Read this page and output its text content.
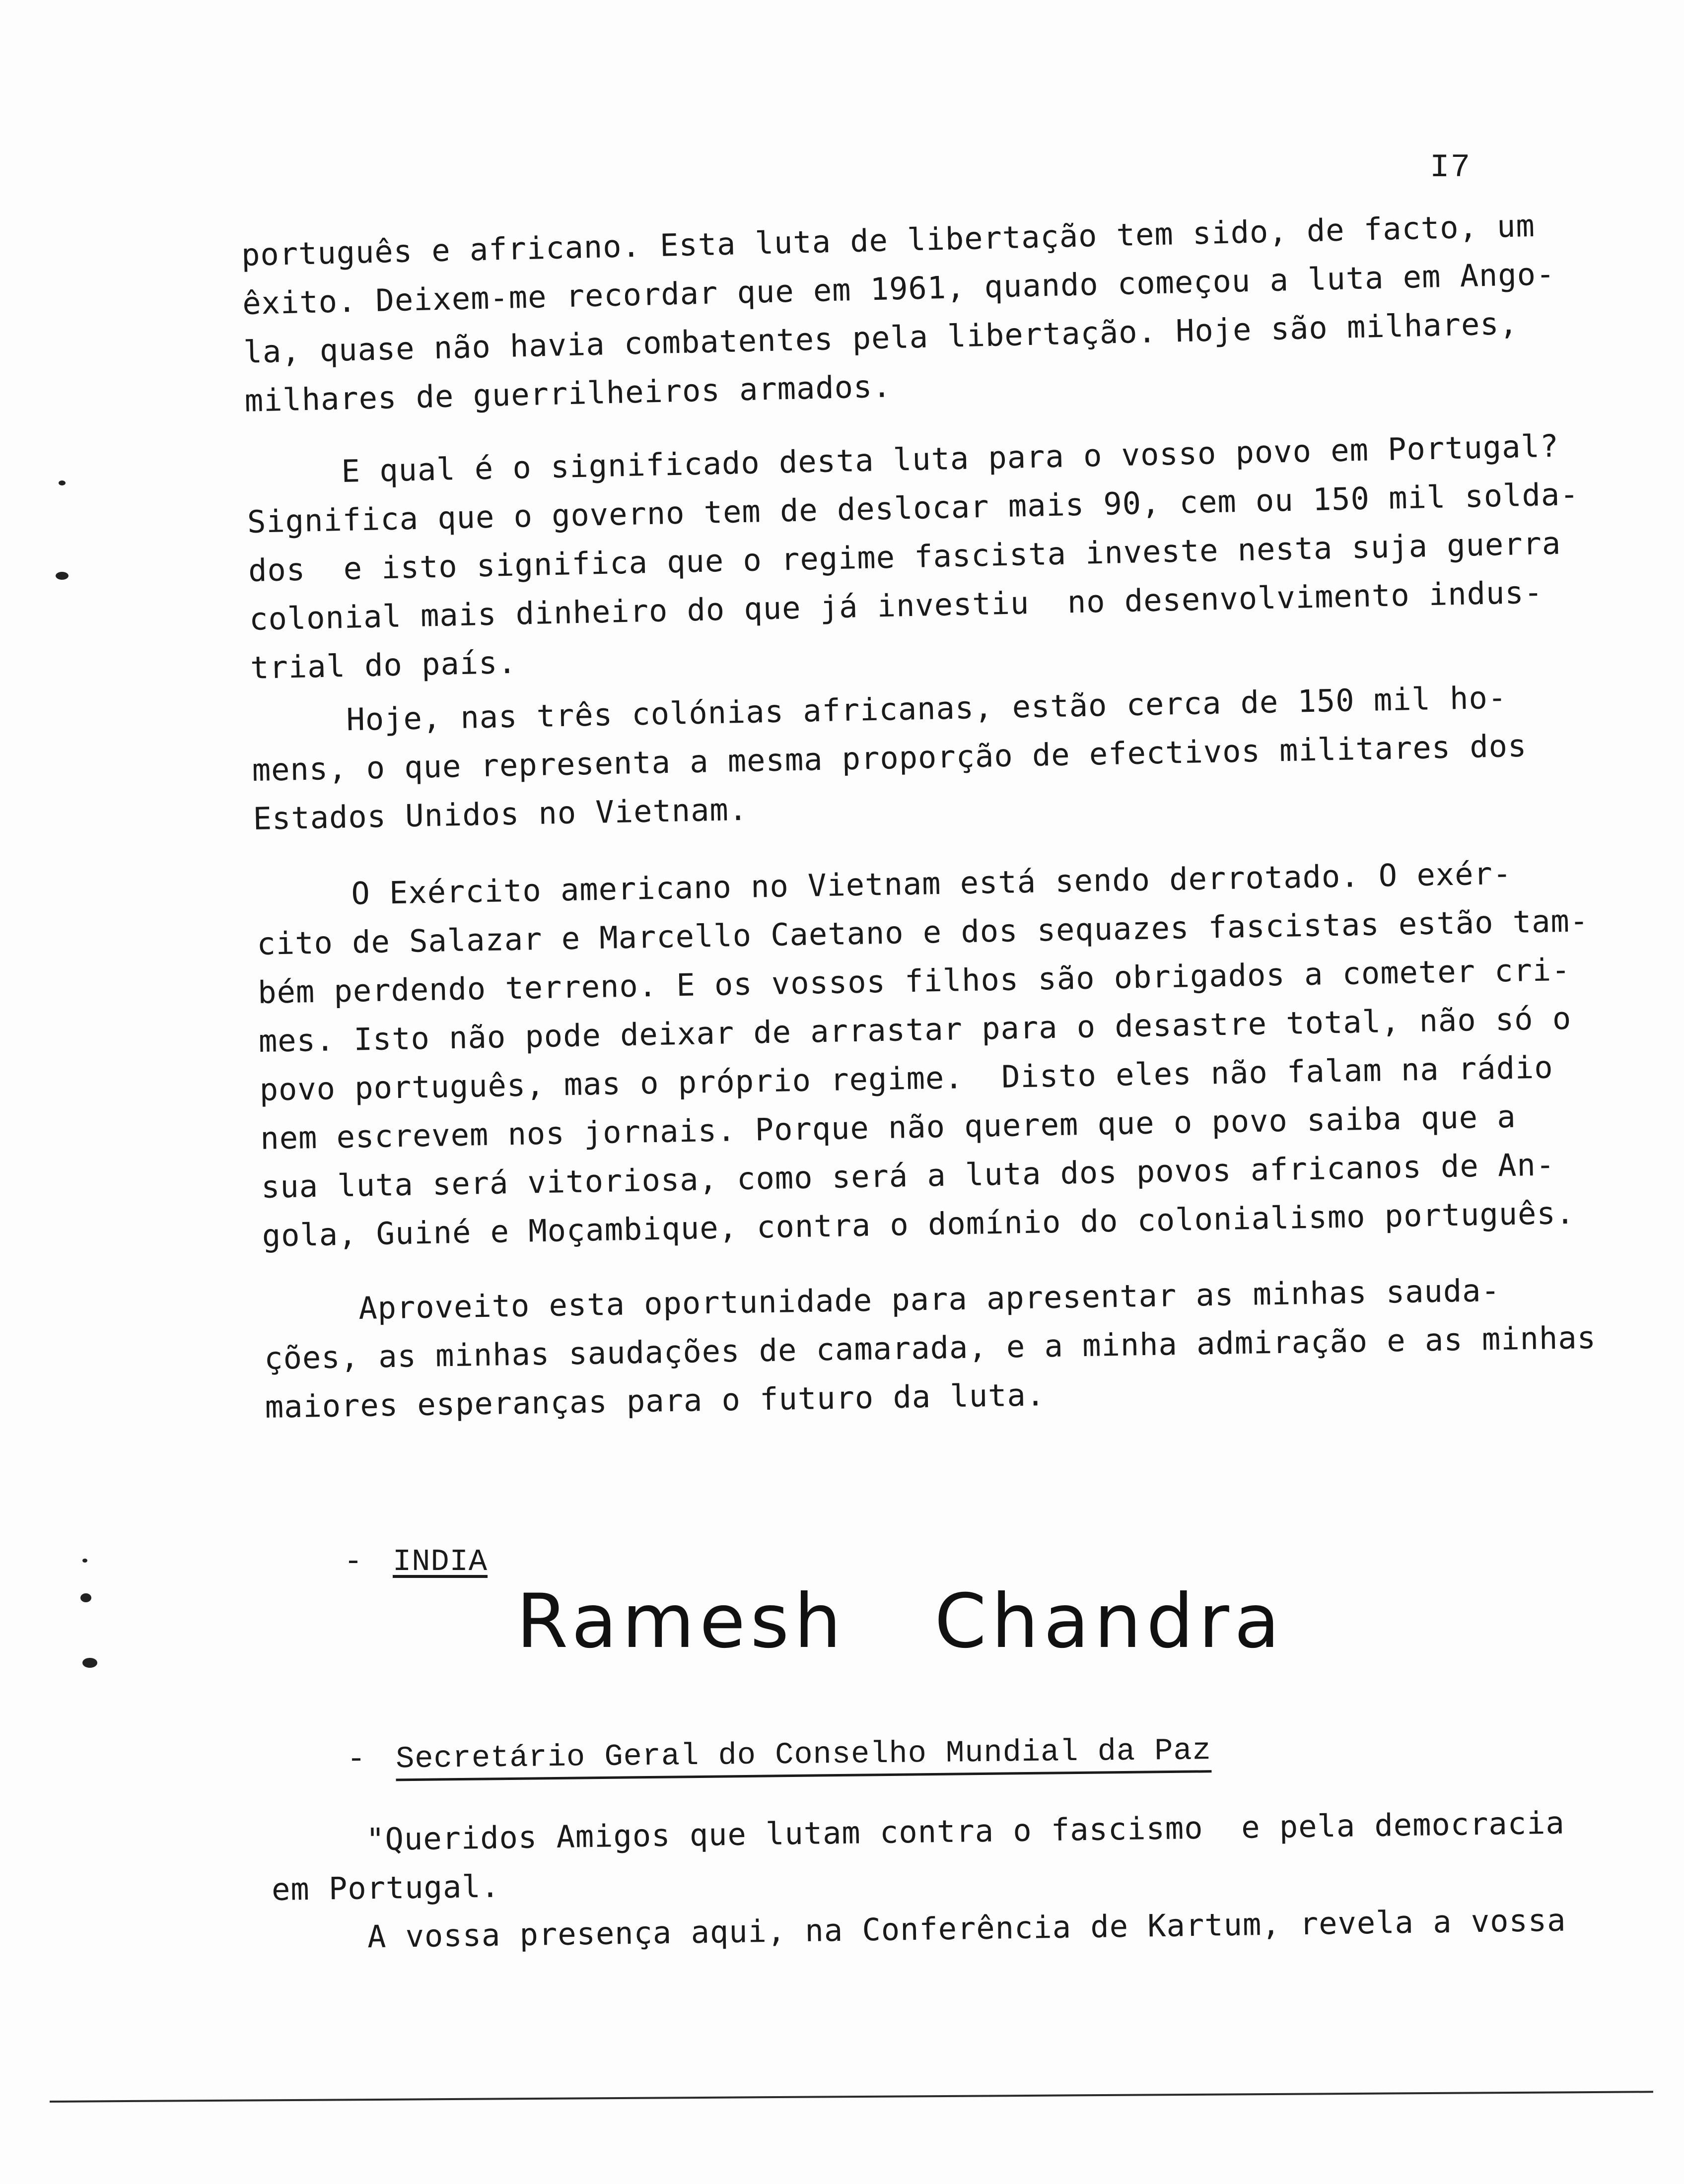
I7
português e africano. Esta luta de libertação tem sido, de facto, um
êxito. Deixem-me recordar que em 1961, quando começou a luta em Ango-
la, quase não havia combatentes pela libertação. Hoje são milhares,
milhares de guerrilheiros armados.
E qual é o significado desta luta para o vosso povo em Portugal?
Significa que o governo tem de deslocar mais 90, cem ou 150 mil solda-
dos  e isto significa que o regime fascista investe nesta suja guerra
colonial mais dinheiro do que já investiu  no desenvolvimento indus-
trial do país.
Hoje, nas três colónias africanas, estão cerca de 150 mil ho-
mens, o que representa a mesma proporção de efectivos militares dos
Estados Unidos no Vietnam.
O Exército americano no Vietnam está sendo derrotado. O exér-
cito de Salazar e Marcello Caetano e dos sequazes fascistas estão tam-
bém perdendo terreno. E os vossos filhos são obrigados a cometer cri-
mes. Isto não pode deixar de arrastar para o desastre total, não só o
povo português, mas o próprio regime.  Disto eles não falam na rádio
nem escrevem nos jornais. Porque não querem que o povo saiba que a
sua luta será vitoriosa, como será a luta dos povos africanos de An-
gola, Guiné e Moçambique, contra o domínio do colonialismo português.
Aproveito esta oportunidade para apresentar as minhas sauda-
ções, as minhas saudações de camarada, e a minha admiração e as minhas
maiores esperanças para o futuro da luta.

- INDIA

Ramesh Chandra

- Secretário Geral do Conselho Mundial da Paz

"Queridos Amigos que lutam contra o fascismo  e pela democracia
em Portugal.
A vossa presença aqui, na Conferência de Kartum, revela a vossa
